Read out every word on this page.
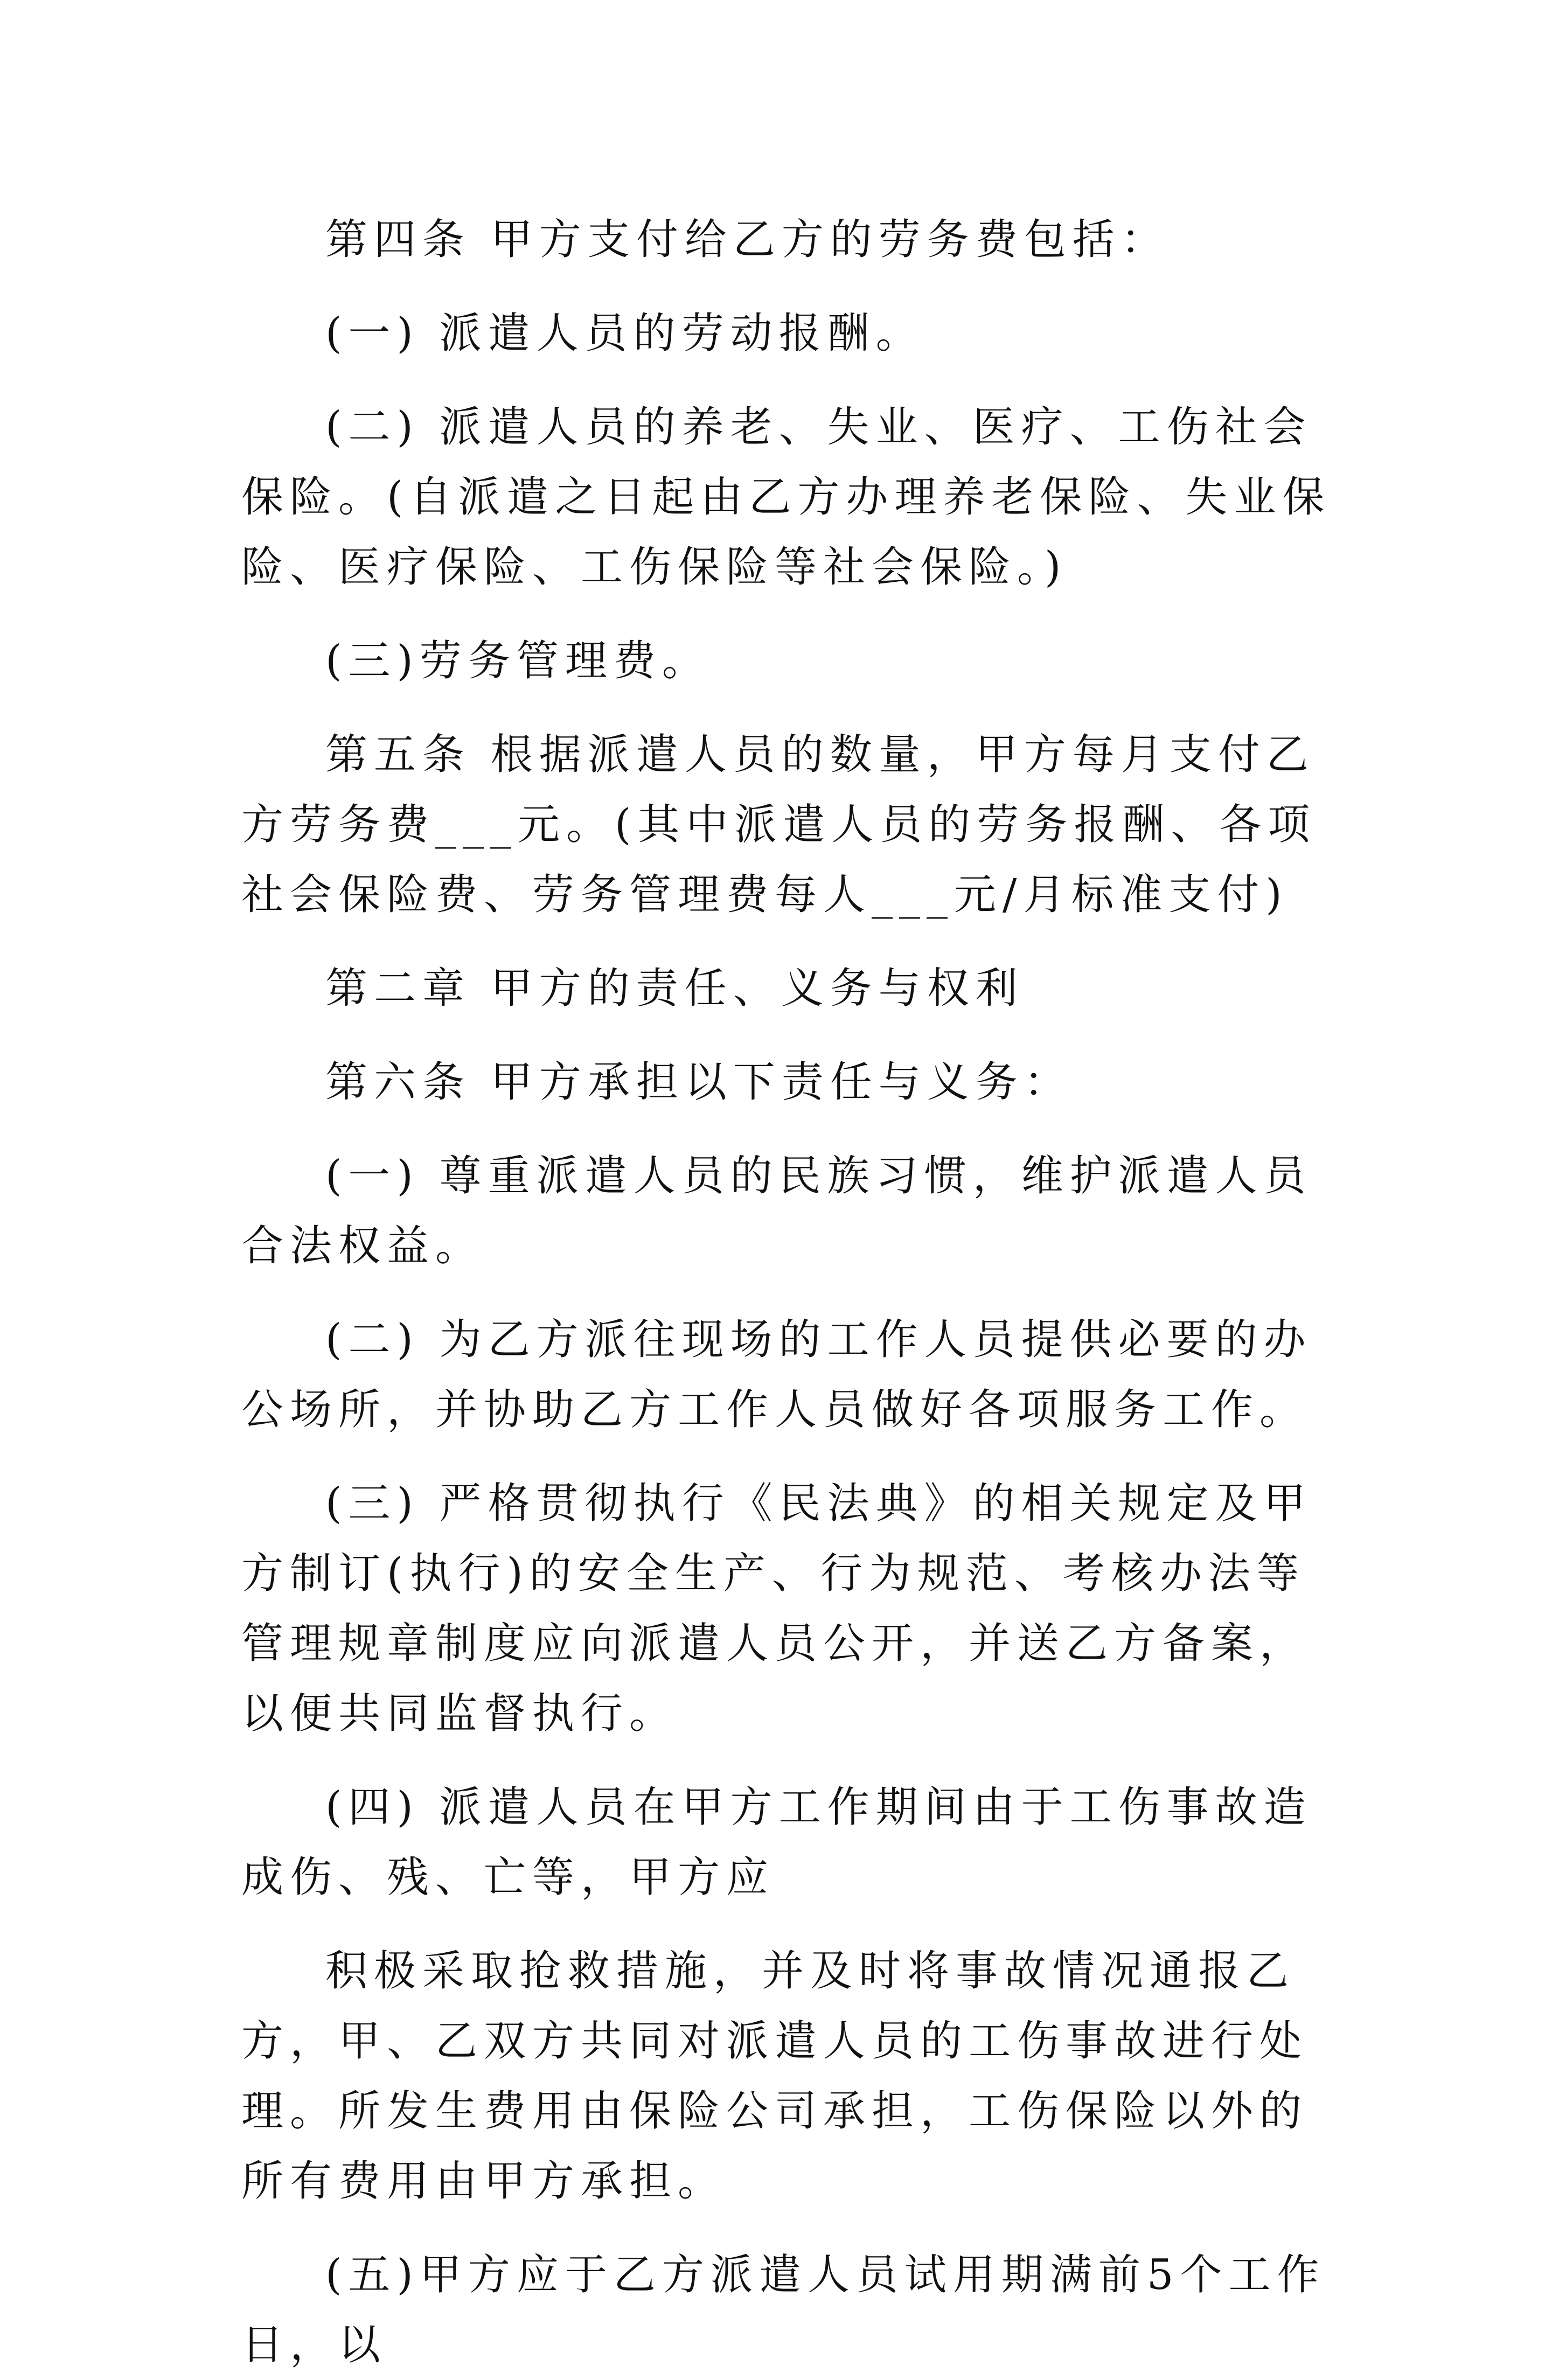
第四条 甲方支付给乙方的劳务费包括：

(一) 派遣人员的劳动报酬。

(二) 派遣人员的养老、失业、医疗、工伤社会保险。(自派遣之日起由乙方办理养老保险、失业保险、医疗保险、工伤保险等社会保险。)

(三)劳务管理费。

第五条 根据派遣人员的数量，甲方每月支付乙方劳务费___元。(其中派遣人员的劳务报酬、各项社会保险费、劳务管理费每人___元/月标准支付)

第二章 甲方的责任、义务与权利

第六条 甲方承担以下责任与义务：

(一) 尊重派遣人员的民族习惯，维护派遣人员合法权益。

(二) 为乙方派往现场的工作人员提供必要的办公场所，并协助乙方工作人员做好各项服务工作。

(三) 严格贯彻执行《民法典》的相关规定及甲方制订(执行)的安全生产、行为规范、考核办法等管理规章制度应向派遣人员公开，并送乙方备案，以便共同监督执行。

(四) 派遣人员在甲方工作期间由于工伤事故造成伤、残、亡等，甲方应

积极采取抢救措施，并及时将事故情况通报乙方，甲、乙双方共同对派遣人员的工伤事故进行处理。所发生费用由保险公司承担，工伤保险以外的所有费用由甲方承担。

(五)甲方应于乙方派遣人员试用期满前5个工作日，以
